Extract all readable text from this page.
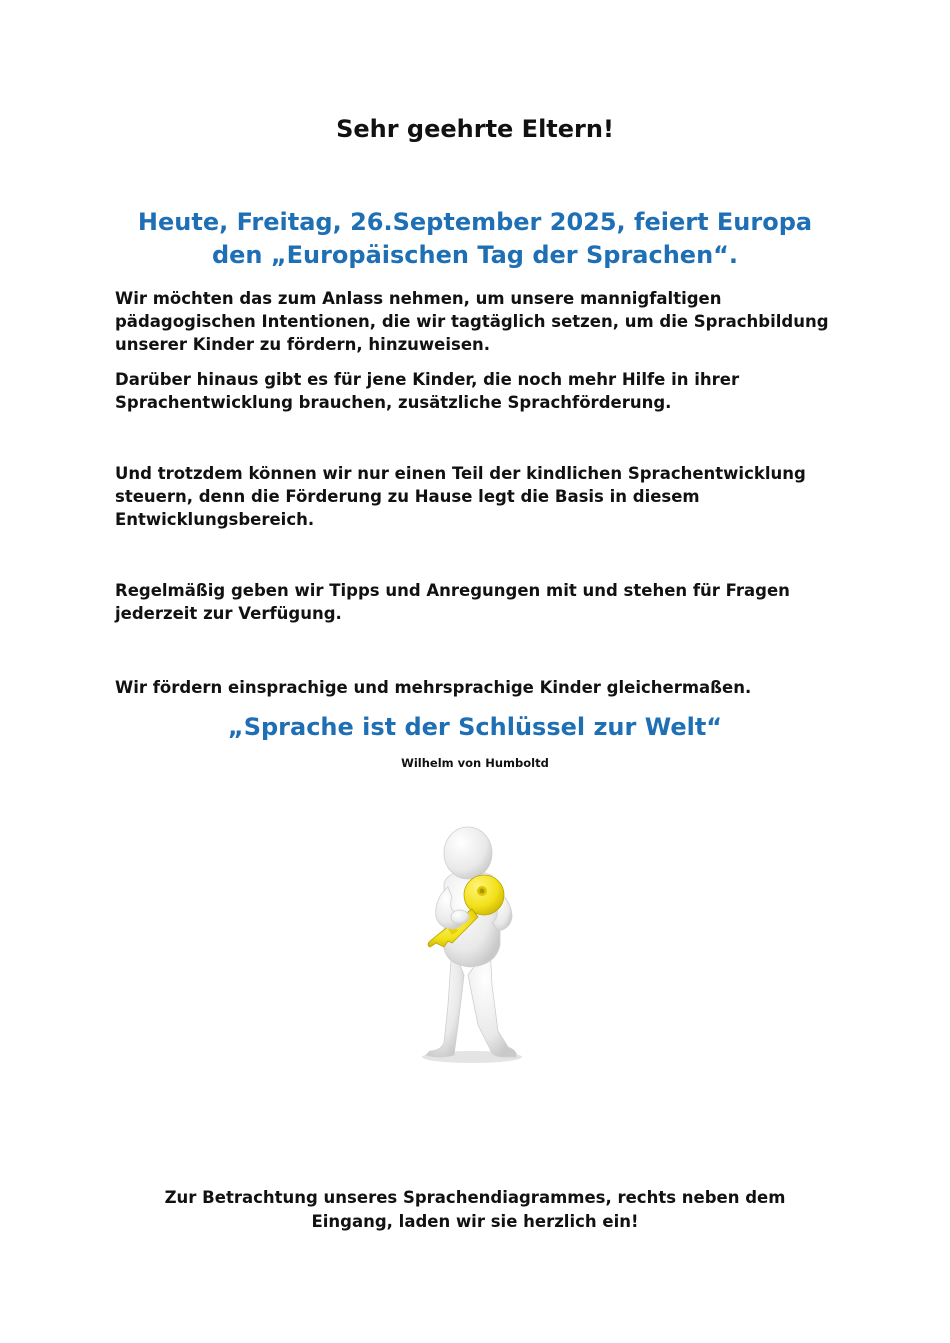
Sehr geehrte Eltern!
Heute, Freitag, 26.September 2025, feiert Europa
den „Europäischen Tag der Sprachen“.
Wir möchten das zum Anlass nehmen, um unsere mannigfaltigen pädagogischen Intentionen, die wir tagtäglich setzen, um die Sprachbildung unserer Kinder zu fördern, hinzuweisen.
Darüber hinaus gibt es für jene Kinder, die noch mehr Hilfe in ihrer Sprachentwicklung brauchen, zusätzliche Sprachförderung.
Und trotzdem können wir nur einen Teil der kindlichen Sprachentwicklung steuern, denn die Förderung zu Hause legt die Basis in diesem Entwicklungsbereich.
Regelmäßig geben wir Tipps und Anregungen mit und stehen für Fragen jederzeit zur Verfügung.
Wir fördern einsprachige und mehrsprachige Kinder gleichermaßen.
„Sprache ist der Schlüssel zur Welt“
Wilhelm von Humboltd
Zur Betrachtung unseres Sprachendiagrammes, rechts neben dem
Eingang, laden wir sie herzlich ein!
